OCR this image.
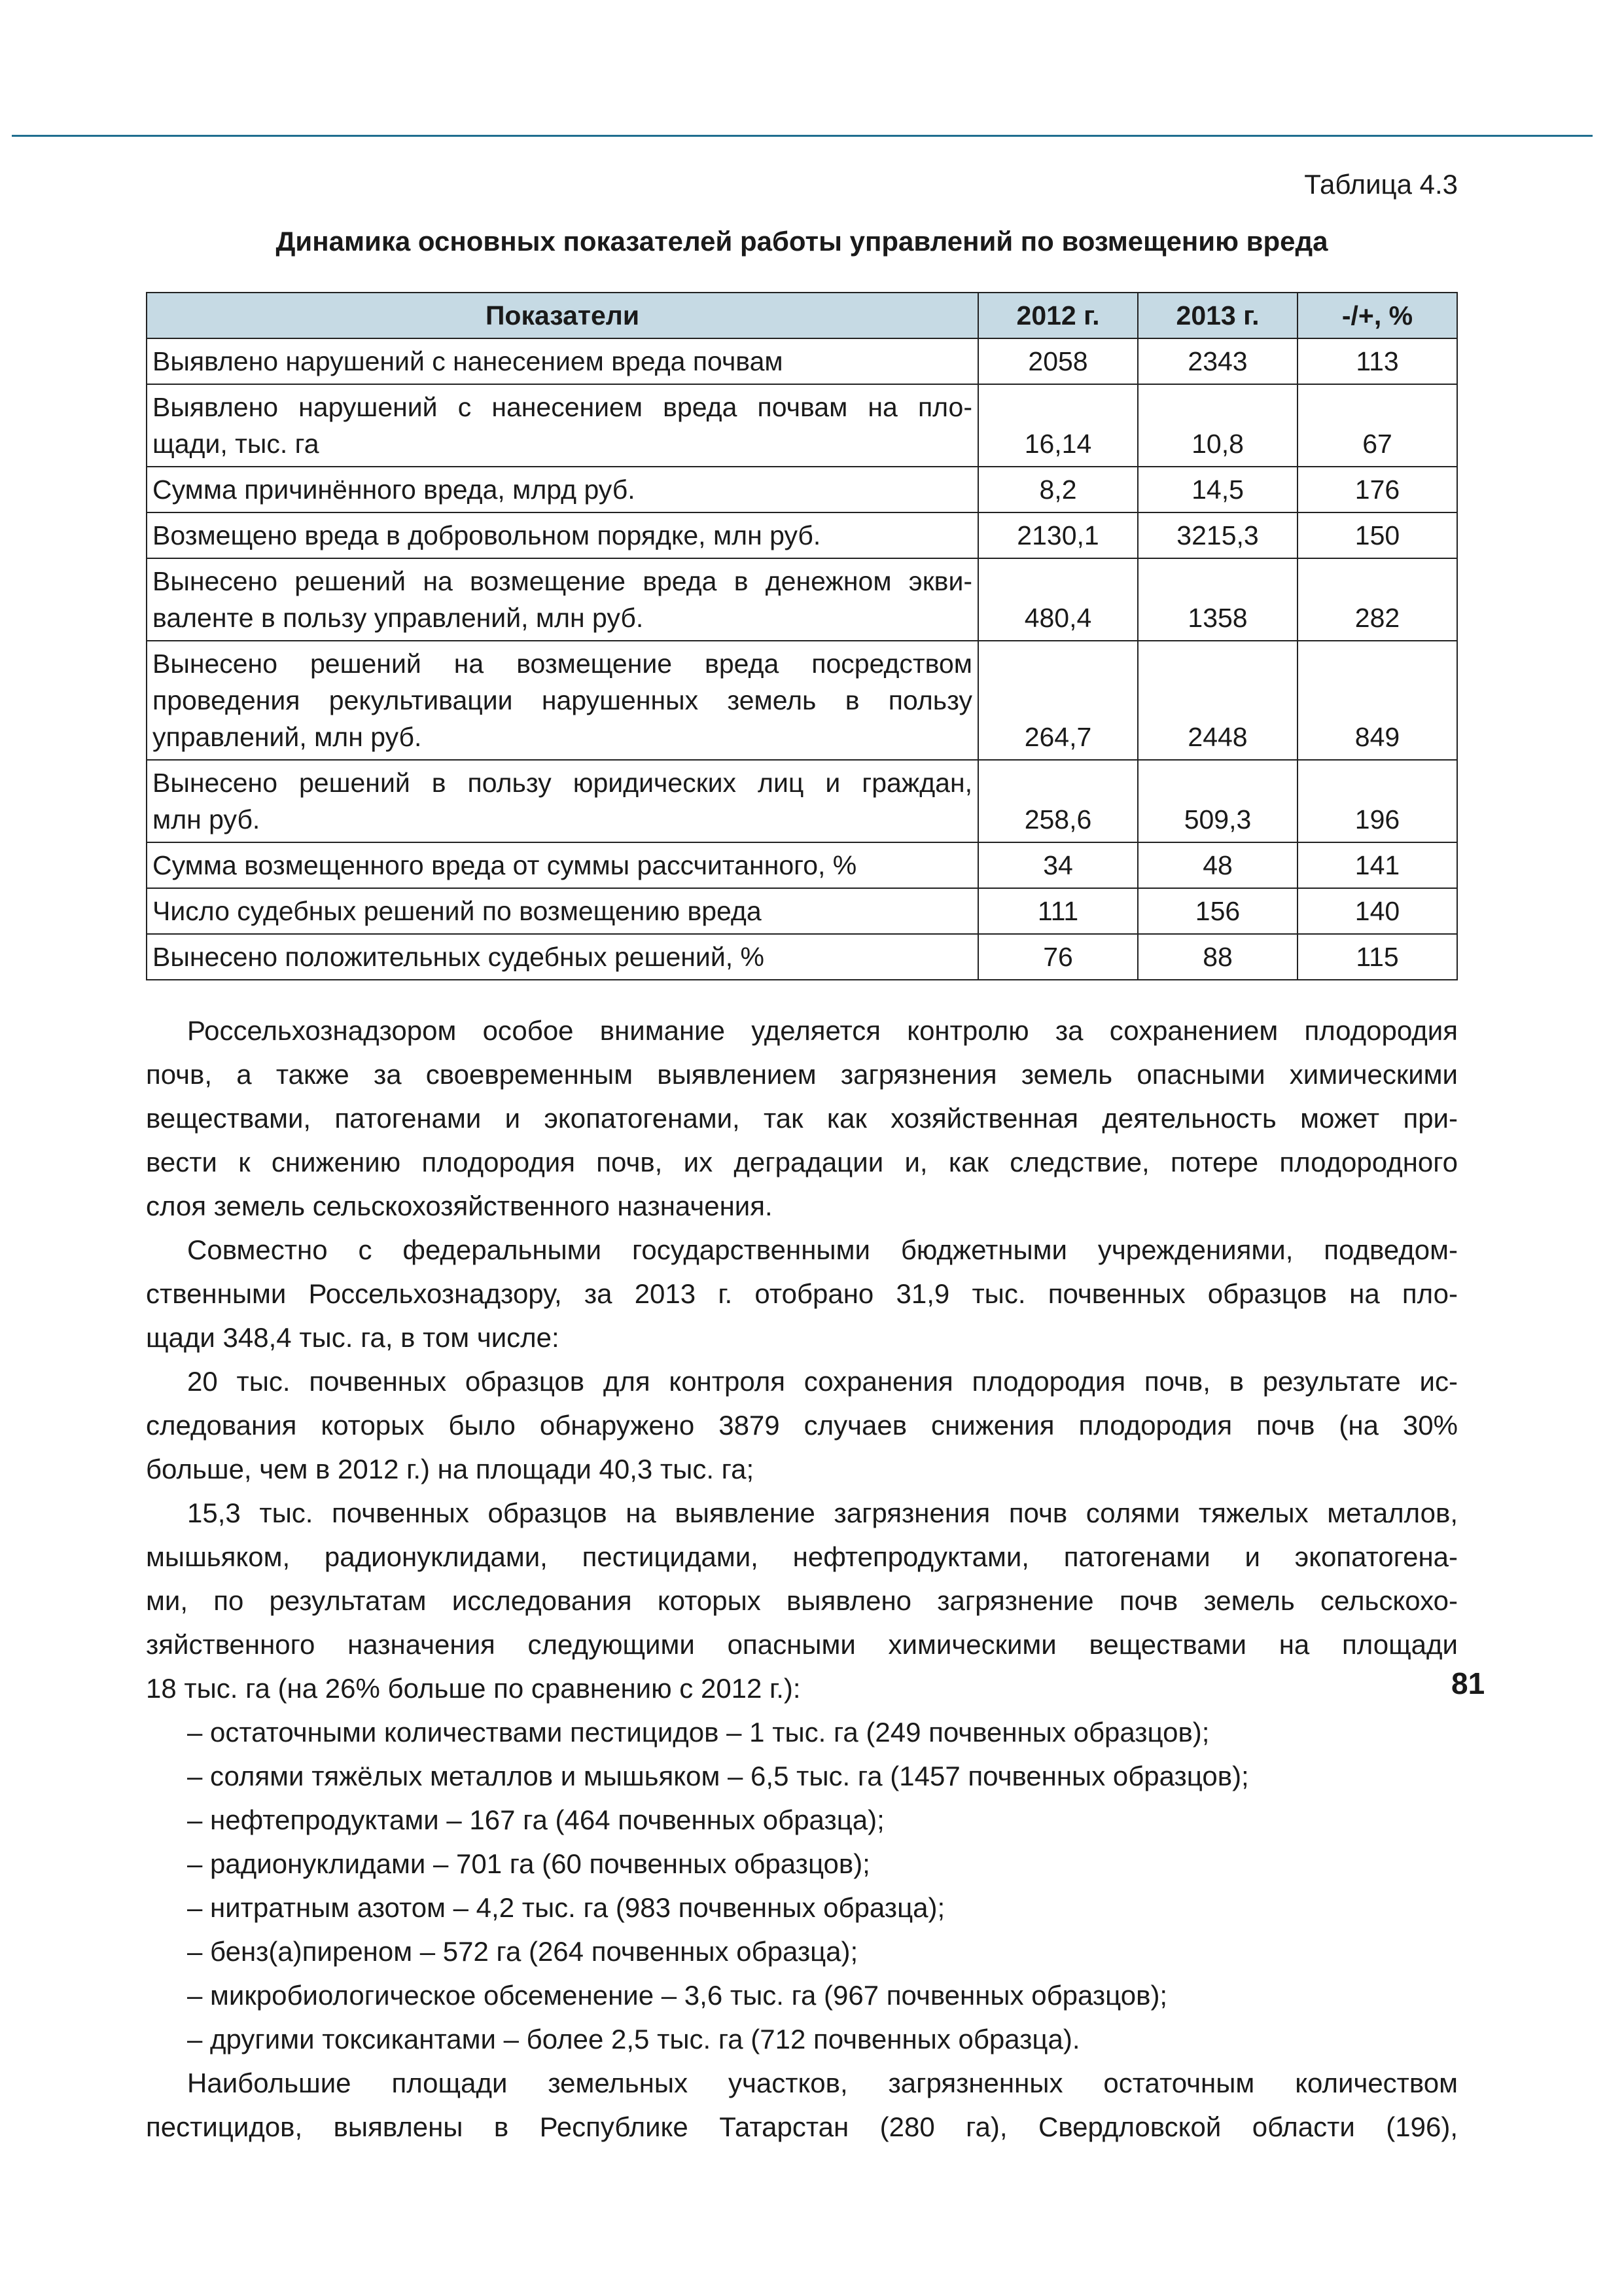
Таблица 4.3
Динамика основных показателей работы управлений по возмещению вреда
Показатели	2012 г.	2013 г.	-/+, %

Выявлено нарушений с нанесением вреда почвам	2058	2343	113

Выявлено нарушений с нанесением вреда почвам на пло-
щади, тыс. га	16,14	10,8	67

Сумма причинённого вреда, млрд руб.	8,2	14,5	176

Возмещено вреда в добровольном порядке, млн руб.	2130,1	3215,3	150

Вынесено решений на возмещение вреда в денежном экви-
валенте в пользу управлений, млн руб.	480,4	1358	282

Вынесено решений на возмещение вреда посредством
проведения рекультивации нарушенных земель в пользу
управлений, млн руб.	264,7	2448	849

Вынесено решений в пользу юридических лиц и граждан,
млн руб.	258,6	509,3	196

Сумма возмещенного вреда от суммы рассчитанного, %	34	48	141

Число судебных решений по возмещению вреда	111	156	140

Вынесено положительных судебных решений, %	76	88	115
Россельхознадзором особое внимание уделяется контролю за сохранением плодородия
почв, а также за своевременным выявлением загрязнения земель опасными химическими
веществами, патогенами и экопатогенами, так как хозяйственная деятельность может при-
вести к снижению плодородия почв, их деградации и, как следствие, потере плодородного
слоя земель сельскохозяйственного назначения.
Совместно с федеральными государственными бюджетными учреждениями, подведом-
ственными Россельхознадзору, за 2013 г. отобрано 31,9 тыс. почвенных образцов на пло-
щади 348,4 тыс. га, в том числе:
20 тыс. почвенных образцов для контроля сохранения плодородия почв, в результате ис-
следования которых было обнаружено 3879 случаев снижения плодородия почв (на 30%
больше, чем в 2012 г.) на площади 40,3 тыс. га;
15,3 тыс. почвенных образцов на выявление загрязнения почв солями тяжелых металлов,
мышьяком, радионуклидами, пестицидами, нефтепродуктами, патогенами и экопатогена-
ми, по результатам исследования которых выявлено загрязнение почв земель сельскохо-
зяйственного назначения следующими опасными химическими веществами на площади
18 тыс. га (на 26% больше по сравнению с 2012 г.):
– остаточными количествами пестицидов – 1 тыс. га (249 почвенных образцов);
– солями тяжёлых металлов и мышьяком – 6,5 тыс. га (1457 почвенных образцов);
– нефтепродуктами – 167 га (464 почвенных образца);
– радионуклидами – 701 га (60 почвенных образцов);
– нитратным азотом – 4,2 тыс. га (983 почвенных образца);
– бенз(а)пиреном – 572 га (264 почвенных образца);
– микробиологическое обсеменение – 3,6 тыс. га (967 почвенных образцов);
– другими токсикантами – более 2,5 тыс. га (712 почвенных образца).
Наибольшие площади земельных участков, загрязненных остаточным количеством
пестицидов, выявлены в Республике Татарстан (280 га), Свердловской области (196),
81
